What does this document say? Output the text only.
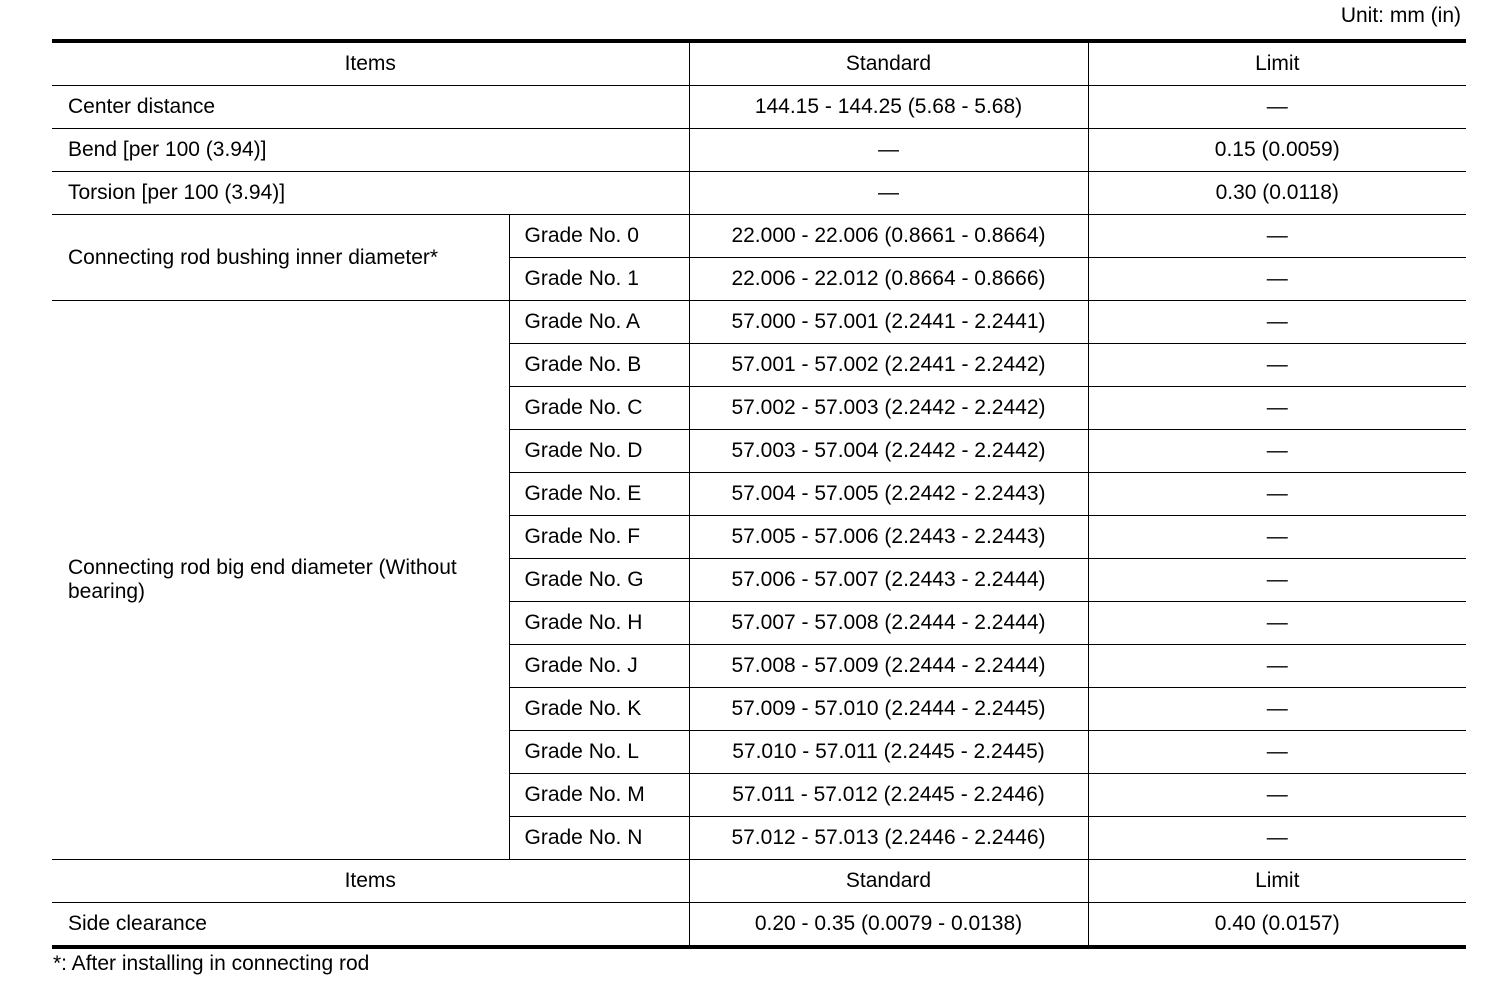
Unit: mm (in)
Items		Standard	Limit
Center distance		144.15 - 144.25 (5.68 - 5.68)	—
Bend [per 100 (3.94)]		—	0.15 (0.0059)
Torsion [per 100 (3.94)]		—	0.30 (0.0118)
Connecting rod bushing inner diameter*	Grade No. 0	22.000 - 22.006 (0.8661 - 0.8664)	—
	Grade No. 1	22.006 - 22.012 (0.8664 - 0.8666)	—
Connecting rod big end diameter (Without bearing)	Grade No. A	57.000 - 57.001 (2.2441 - 2.2441)	—
	Grade No. B	57.001 - 57.002 (2.2441 - 2.2442)	—
	Grade No. C	57.002 - 57.003 (2.2442 - 2.2442)	—
	Grade No. D	57.003 - 57.004 (2.2442 - 2.2442)	—
	Grade No. E	57.004 - 57.005 (2.2442 - 2.2443)	—
	Grade No. F	57.005 - 57.006 (2.2443 - 2.2443)	—
	Grade No. G	57.006 - 57.007 (2.2443 - 2.2444)	—
	Grade No. H	57.007 - 57.008 (2.2444 - 2.2444)	—
	Grade No. J	57.008 - 57.009 (2.2444 - 2.2444)	—
	Grade No. K	57.009 - 57.010 (2.2444 - 2.2445)	—
	Grade No. L	57.010 - 57.011 (2.2445 - 2.2445)	—
	Grade No. M	57.011 - 57.012 (2.2445 - 2.2446)	—
	Grade No. N	57.012 - 57.013 (2.2446 - 2.2446)	—
Items		Standard	Limit
Side clearance		0.20 - 0.35 (0.0079 - 0.0138)	0.40 (0.0157)
*: After installing in connecting rod
